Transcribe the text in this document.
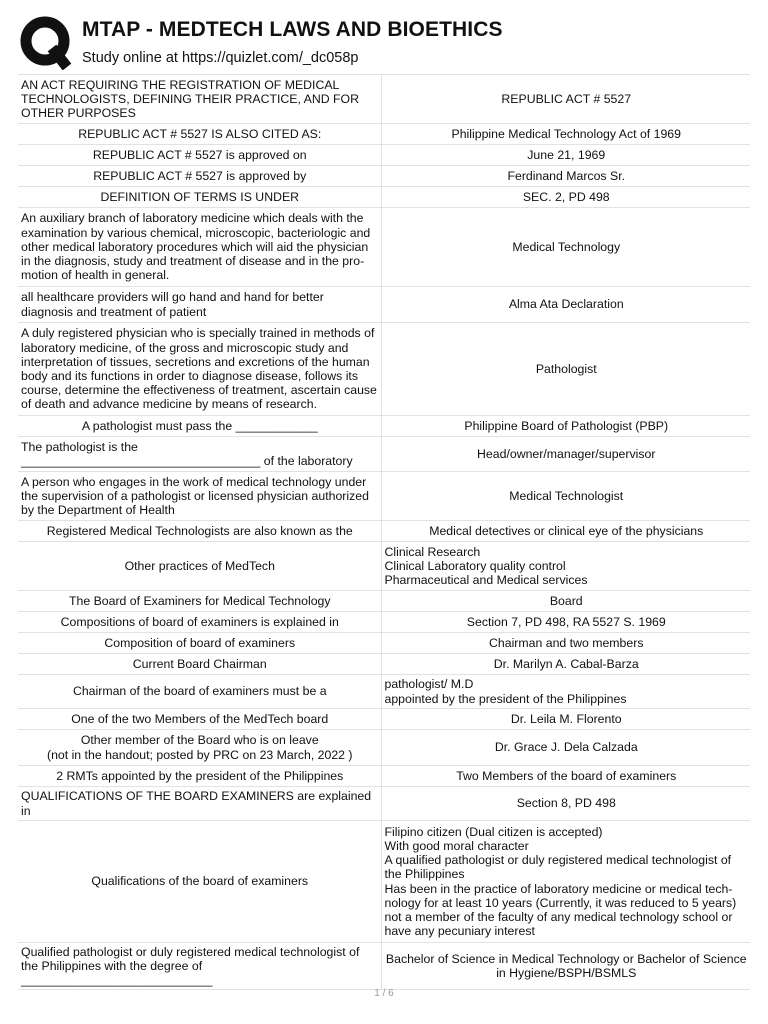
MTAP - MEDTECH LAWS AND BIOETHICS
Study online at https://quizlet.com/_dc058p
AN ACT REQUIRING THE REGISTRATION OF MEDICAL TECHNOLOGISTS, DEFINING THEIR PRACTICE, AND FOR OTHER PURPOSES	REPUBLIC ACT # 5527
REPUBLIC ACT # 5527 IS ALSO CITED AS:	Philippine Medical Technology Act of 1969
REPUBLIC ACT # 5527 is approved on	June 21, 1969
REPUBLIC ACT # 5527 is approved by	Ferdinand Marcos Sr.
DEFINITION OF TERMS IS UNDER	SEC. 2, PD 498
An auxiliary branch of laboratory medicine which deals with the examination by various chemical, microscopic, bacteriologic and other medical laboratory procedures which will aid the physician in the diagnosis, study and treatment of disease and in the pro-motion of health in general.	Medical Technology
all healthcare providers will go hand and hand for better diagnosis and treatment of patient	Alma Ata Declaration
A duly registered physician who is specially trained in methods of laboratory medicine, of the gross and microscopic study and interpretation of tissues, secretions and excretions of the human body and its functions in order to diagnose disease, follows its course, determine the effectiveness of treatment, ascertain cause of death and advance medicine by means of research.	Pathologist
A pathologist must pass the ____________	Philippine Board of Pathologist (PBP)
The pathologist is the ___________________________________ of the laboratory	Head/owner/manager/supervisor
A person who engages in the work of medical technology under the supervision of a pathologist or licensed physician authorized by the Department of Health	Medical Technologist
Registered Medical Technologists are also known as the	Medical detectives or clinical eye of the physicians
Other practices of MedTech	Clinical Research
Clinical Laboratory quality control
Pharmaceutical and Medical services

The Board of Examiners for Medical Technology	Board
Compositions of board of examiners is explained in	Section 7, PD 498, RA 5527 S. 1969
Composition of board of examiners	Chairman and two members
Current Board Chairman	Dr. Marilyn A. Cabal-Barza
Chairman of the board of examiners must be a	pathologist/ M.D
appointed by the president of the Philippines

One of the two Members of the MedTech board	Dr. Leila M. Florento

Other member of the Board who is on leave
(not in the handout; posted by PRC on 23 March, 2022 )	Dr. Grace J. Dela Calzada
2 RMTs appointed by the president of the Philippines	Two Members of the board of examiners
QUALIFICATIONS OF THE BOARD EXAMINERS are explained in	Section 8, PD 498
Qualifications of the board of examiners	Filipino citizen (Dual citizen is accepted)
With good moral character
A qualified pathologist or duly registered medical technologist of the Philippines
Has been in the practice of laboratory medicine or medical tech-nology for at least 10 years (Currently, it was reduced to 5 years)
not a member of the faculty of any medical technology school or have any pecuniary interest

Qualified pathologist or duly registered medical technologist of the Philippines with the degree of ____________________________	Bachelor of Science in Medical Technology or Bachelor of Science in Hygiene/BSPH/BSMLS
1 / 6
